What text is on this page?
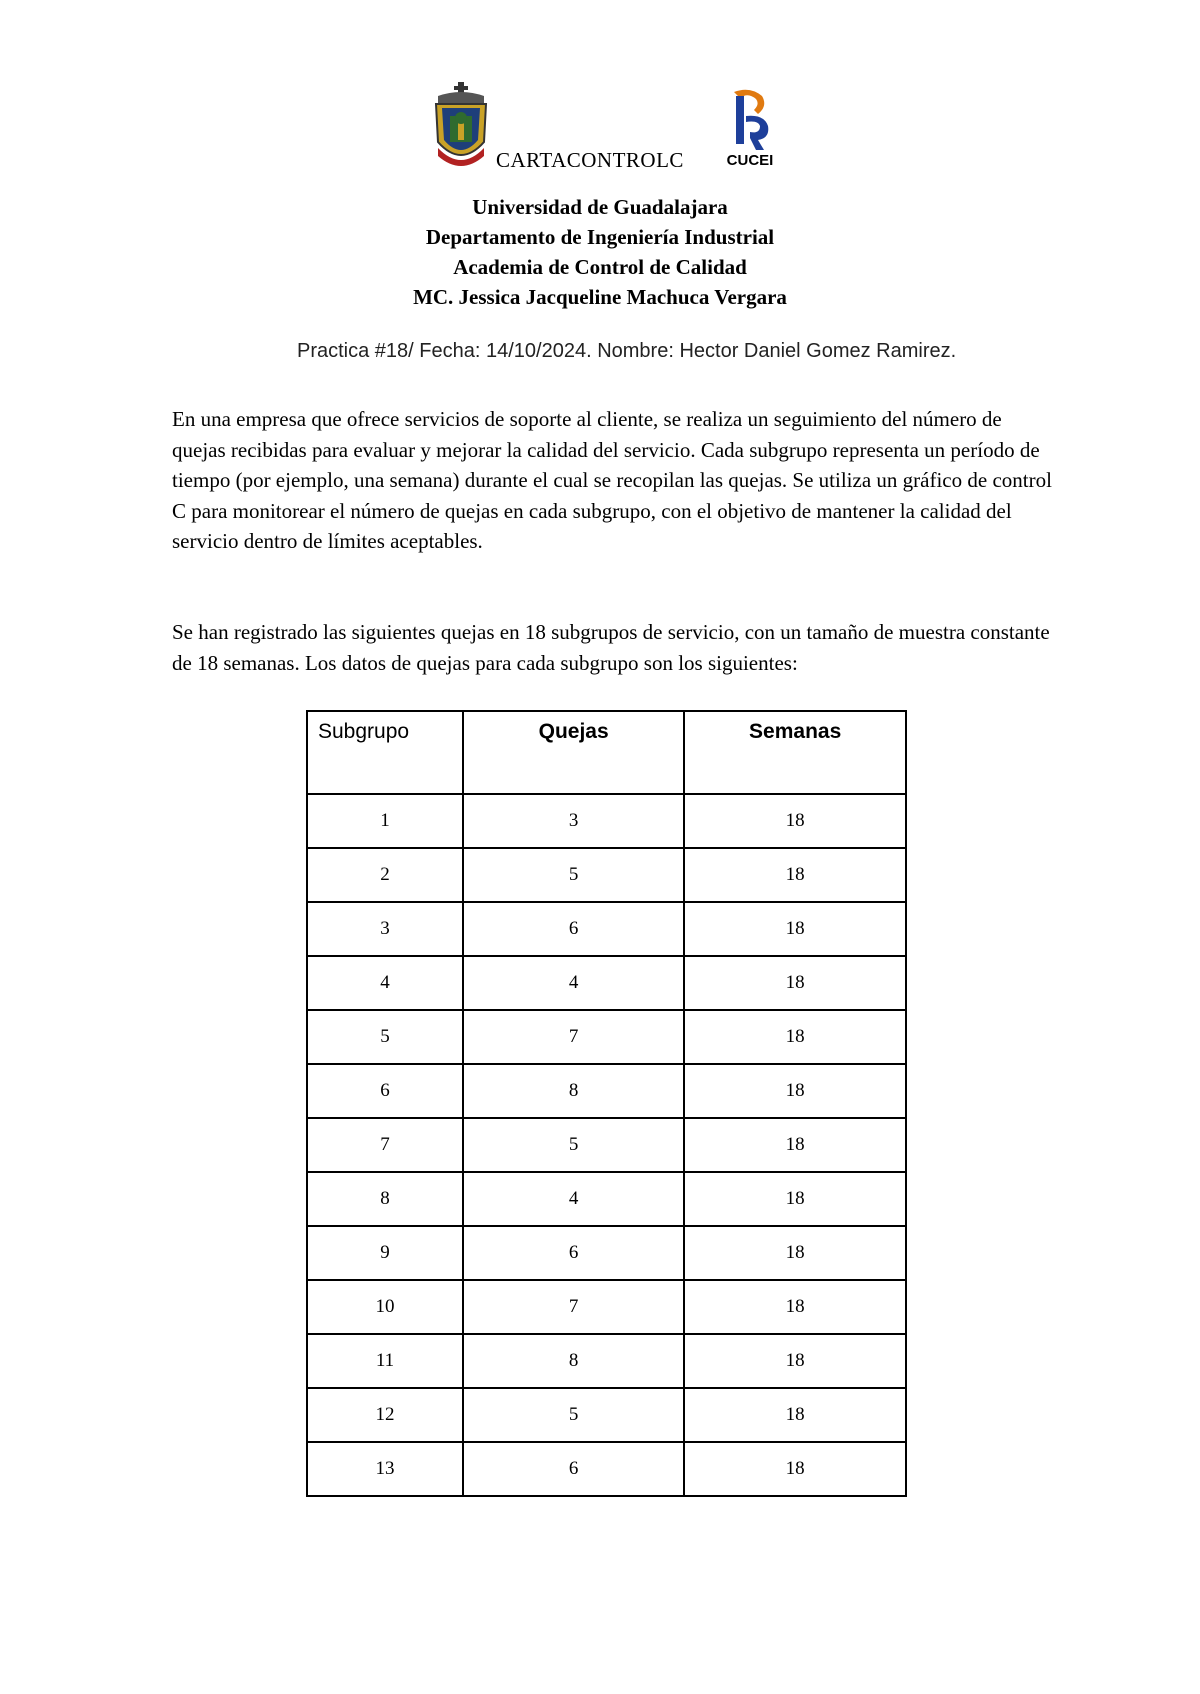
CARTACONTROLC	CUCEI
Universidad de Guadalajara
Departamento de Ingeniería Industrial
Academia de Control de Calidad
MC. Jessica Jacqueline Machuca Vergara
Practica #18/ Fecha: 14/10/2024. Nombre: Hector Daniel Gomez Ramirez.
En una empresa que ofrece servicios de soporte al cliente, se realiza un seguimiento del número de quejas recibidas para evaluar y mejorar la calidad del servicio. Cada subgrupo representa un período de tiempo (por ejemplo, una semana) durante el cual se recopilan las quejas. Se utiliza un gráfico de control C para monitorear el número de quejas en cada subgrupo, con el objetivo de mantener la calidad del servicio dentro de límites aceptables.
Se han registrado las siguientes quejas en 18 subgrupos de servicio, con un tamaño de muestra constante de 18 semanas. Los datos de quejas para cada subgrupo son los siguientes:
Subgrupo	Quejas	Semanas
1	3	18
2	5	18
3	6	18
4	4	18
5	7	18
6	8	18
7	5	18
8	4	18
9	6	18
10	7	18
11	8	18
12	5	18
13	6	18
